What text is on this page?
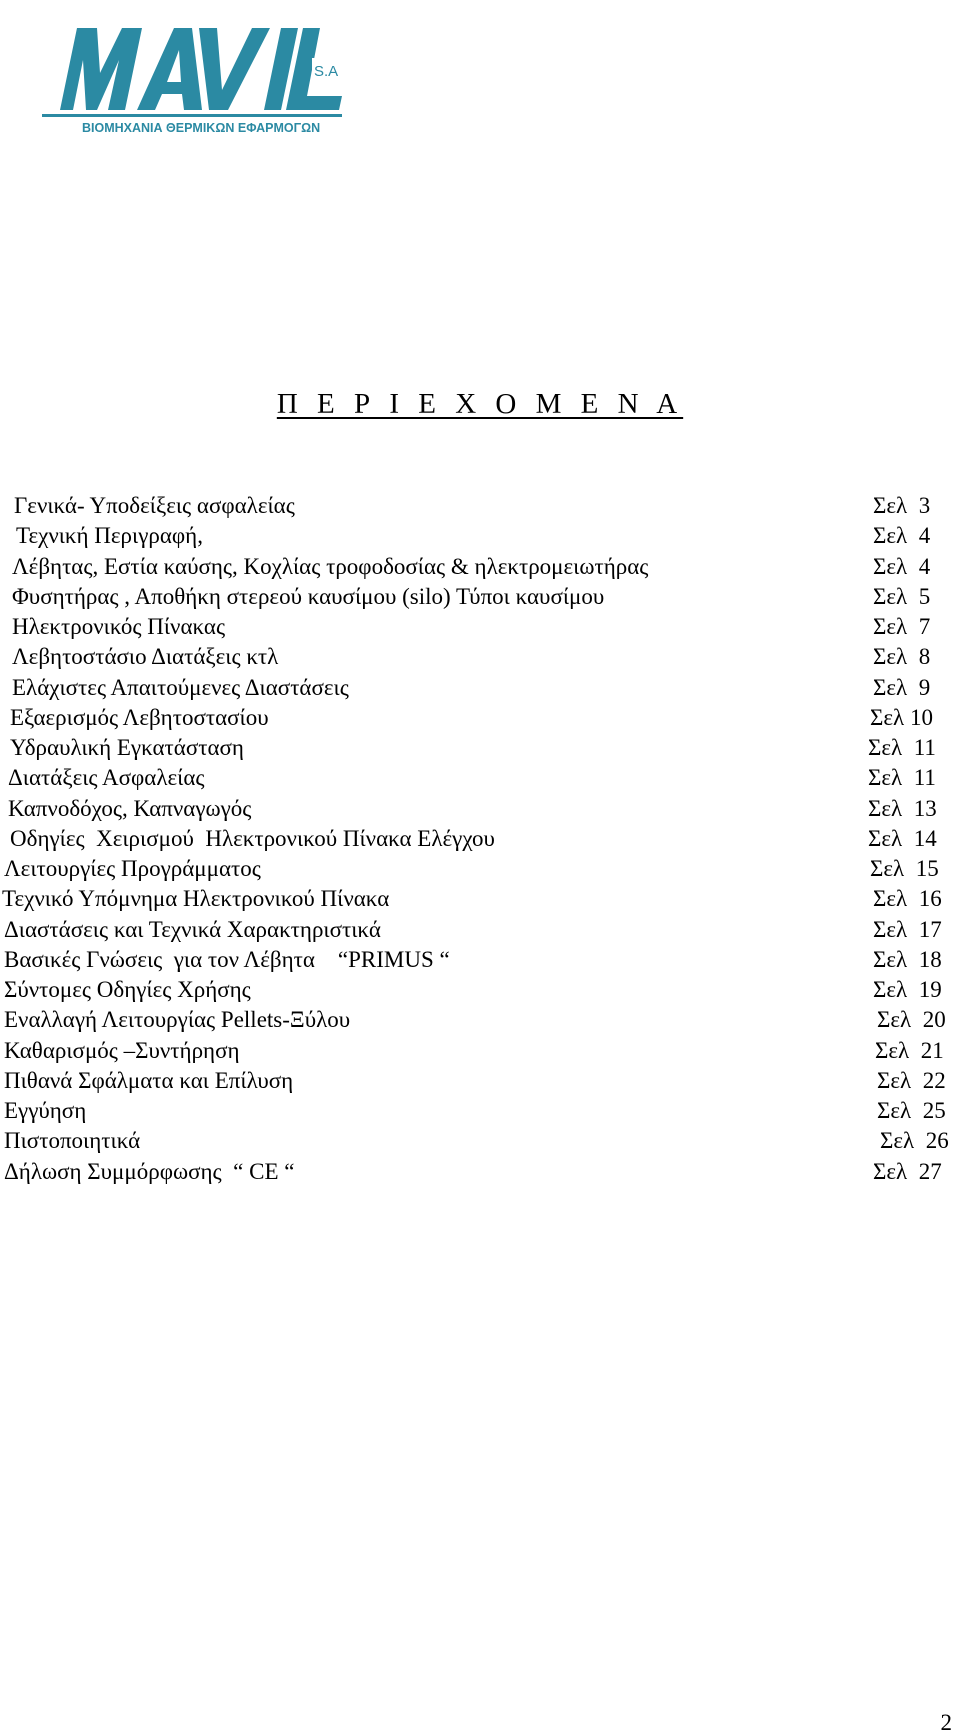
S.A
ΒΙΟΜΗΧΑΝΙΑ ΘΕΡΜΙΚΩΝ ΕΦΑΡΜΟΓΩΝ
Π Ε Ρ Ι Ε Χ Ο Μ Ε Ν Α
Γενικά- Υποδείξεις ασφαλείας	Σελ  3
Τεχνική Περιγραφή,	Σελ  4
Λέβητας, Εστία καύσης, Κοχλίας τροφοδοσίας & ηλεκτρομειωτήρας	Σελ  4
Φυσητήρας , Αποθήκη στερεού καυσίμου (silo) Τύποι καυσίμου	Σελ  5
Ηλεκτρονικός Πίνακας	Σελ  7
Λεβητοστάσιο Διατάξεις κτλ	Σελ  8
Ελάχιστες Απαιτούμενες Διαστάσεις	Σελ  9
Εξαερισμός Λεβητοστασίου	Σελ 10
Υδραυλική Εγκατάσταση	Σελ  11
Διατάξεις Ασφαλείας	Σελ  11
Καπνοδόχος, Καπναγωγός	Σελ  13
Οδηγίες  Χειρισμού  Ηλεκτρονικού Πίνακα Ελέγχου	Σελ  14
Λειτουργίες Προγράμματος	Σελ  15
Τεχνικό Υπόμνημα Ηλεκτρονικού Πίνακα	Σελ  16
Διαστάσεις και Τεχνικά Χαρακτηριστικά	Σελ  17
Βασικές Γνώσεις  για τον Λέβητα    “PRIMUS “	Σελ  18
Σύντομες Οδηγίες Χρήσης	Σελ  19
Εναλλαγή Λειτουργίας Pellets-Ξύλου	Σελ  20
Καθαρισμός –Συντήρηση	Σελ  21
Πιθανά Σφάλματα και Επίλυση	Σελ  22
Εγγύηση	Σελ  25
Πιστοποιητικά	Σελ  26
Δήλωση Συμμόρφωσης  “ CE “	Σελ  27
2
